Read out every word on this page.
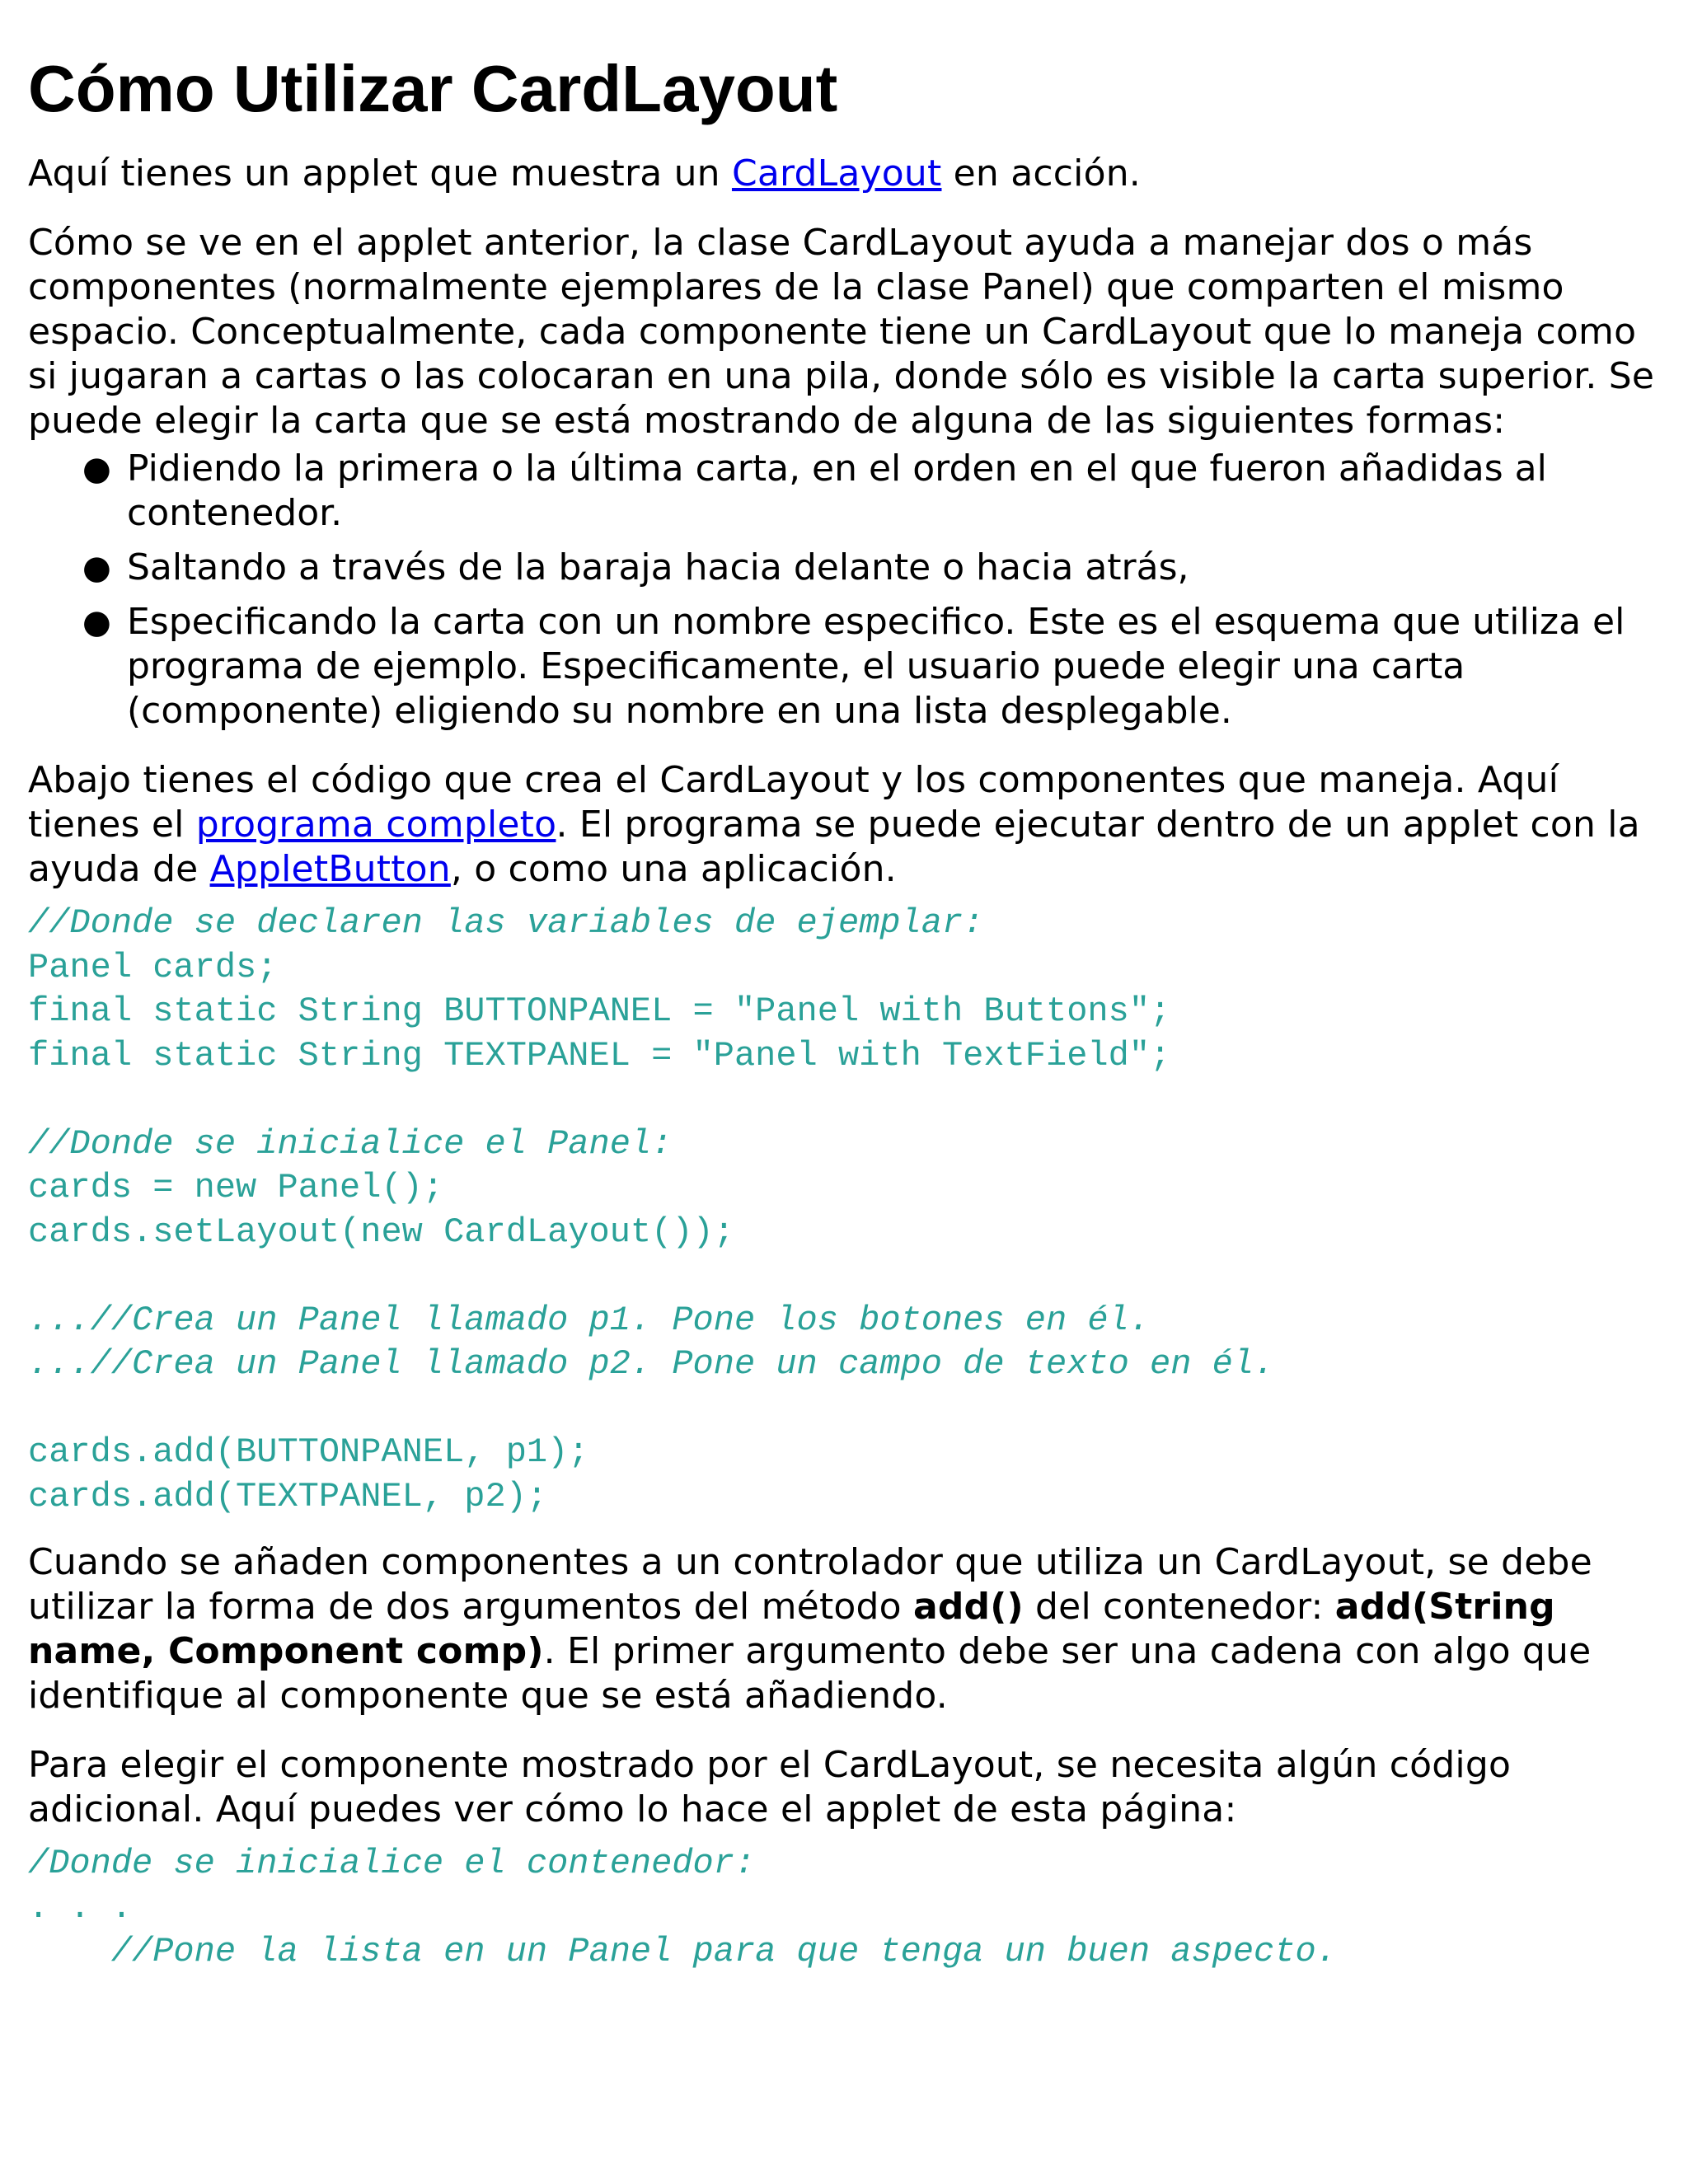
Cómo Utilizar CardLayout

Aquí tienes un applet que muestra un CardLayout en acción.

Cómo se ve en el applet anterior, la clase CardLayout ayuda a manejar dos o más componentes (normalmente ejemplares de la clase Panel) que comparten el mismo espacio. Conceptualmente, cada componente tiene un CardLayout que lo maneja como si jugaran a cartas o las colocaran en una pila, donde sólo es visible la carta superior. Se puede elegir la carta que se está mostrando de alguna de las siguientes formas:

● Pidiendo la primera o la última carta, en el orden en el que fueron añadidas al contenedor.
● Saltando a través de la baraja hacia delante o hacia atrás,
● Especificando la carta con un nombre especifico. Este es el esquema que utiliza el programa de ejemplo. Especificamente, el usuario puede elegir una carta (componente) eligiendo su nombre en una lista desplegable.

Abajo tienes el código que crea el CardLayout y los componentes que maneja. Aquí tienes el programa completo. El programa se puede ejecutar dentro de un applet con la ayuda de AppletButton, o como una aplicación.

//Donde se declaren las variables de ejemplar:
Panel cards;
final static String BUTTONPANEL = "Panel with Buttons";
final static String TEXTPANEL = "Panel with TextField";

//Donde se inicialice el Panel:
cards = new Panel();
cards.setLayout(new CardLayout());

...//Crea un Panel llamado p1. Pone los botones en él.
...//Crea un Panel llamado p2. Pone un campo de texto en él.

cards.add(BUTTONPANEL, p1);
cards.add(TEXTPANEL, p2);

Cuando se añaden componentes a un controlador que utiliza un CardLayout, se debe utilizar la forma de dos argumentos del método add() del contenedor: add(String name, Component comp). El primer argumento debe ser una cadena con algo que identifique al componente que se está añadiendo.

Para elegir el componente mostrado por el CardLayout, se necesita algún código adicional. Aquí puedes ver cómo lo hace el applet de esta página:

/Donde se inicialice el contenedor:
. . .
//Pone la lista en un Panel para que tenga un buen aspecto.
